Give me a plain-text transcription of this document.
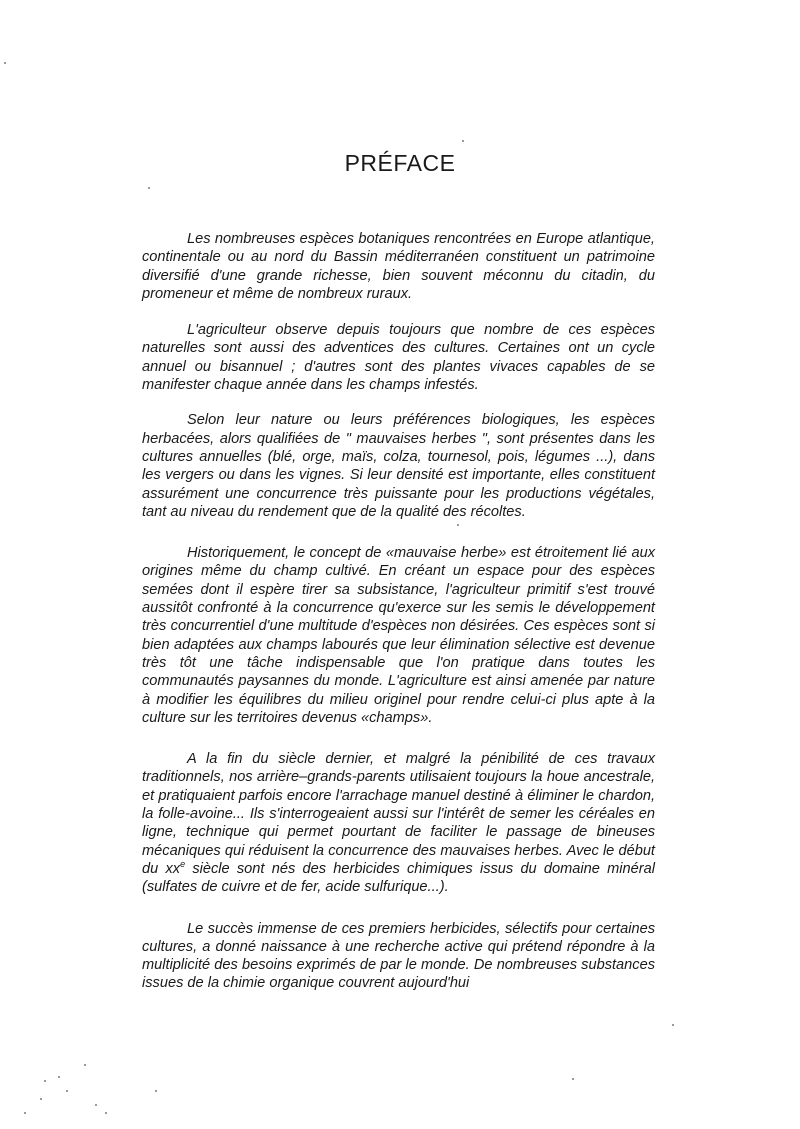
PRÉFACE

Les nombreuses espèces botaniques rencontrées en Europe atlantique, continentale ou au nord du Bassin méditerranéen constituent un patrimoine diversifié d'une grande richesse, bien souvent méconnu du citadin, du promeneur et même de nombreux ruraux.

L'agriculteur observe depuis toujours que nombre de ces espèces naturelles sont aussi des adventices des cultures. Certaines ont un cycle annuel ou bisannuel ; d'autres sont des plantes vivaces capables de se manifester chaque année dans les champs infestés.

Selon leur nature ou leurs préférences biologiques, les espèces herbacées, alors qualifiées de " mauvaises herbes ", sont présentes dans les cultures annuelles (blé, orge, maïs, colza, tournesol, pois, légumes ...), dans les vergers ou dans les vignes. Si leur densité est importante, elles constituent assurément une concurrence très puissante pour les productions végétales, tant au niveau du rendement que de la qualité des récoltes.

Historiquement, le concept de «mauvaise herbe» est étroitement lié aux origines même du champ cultivé. En créant un espace pour des espèces semées dont il espère tirer sa subsistance, l'agriculteur primitif s'est trouvé aussitôt confronté à la concurrence qu'exerce sur les semis le développement très concurrentiel d'une multitude d'espèces non désirées. Ces espèces sont si bien adaptées aux champs labourés que leur élimination sélective est devenue très tôt une tâche indispensable que l'on pratique dans toutes les communautés paysannes du monde. L'agriculture est ainsi amenée par nature à modifier les équilibres du milieu originel pour rendre celui-ci plus apte à la culture sur les territoires devenus «champs».

A la fin du siècle dernier, et malgré la pénibilité de ces travaux traditionnels, nos arrière–grands-parents utilisaient toujours la houe ancestrale, et pratiquaient parfois encore l'arrachage manuel destiné à éliminer le chardon, la folle-avoine... Ils s'interrogeaient aussi sur l'intérêt de semer les céréales en ligne, technique qui permet pourtant de faciliter le passage de bineuses mécaniques qui réduisent la concurrence des mauvaises herbes. Avec le début du $xx^e$ siècle sont nés des herbicides chimiques issus du domaine minéral (sulfates de cuivre et de fer, acide sulfurique...).

Le succès immense de ces premiers herbicides, sélectifs pour certaines cultures, a donné naissance à une recherche active qui prétend répondre à la multiplicité des besoins exprimés de par le monde. De nombreuses substances issues de la chimie organique couvrent aujourd'hui
